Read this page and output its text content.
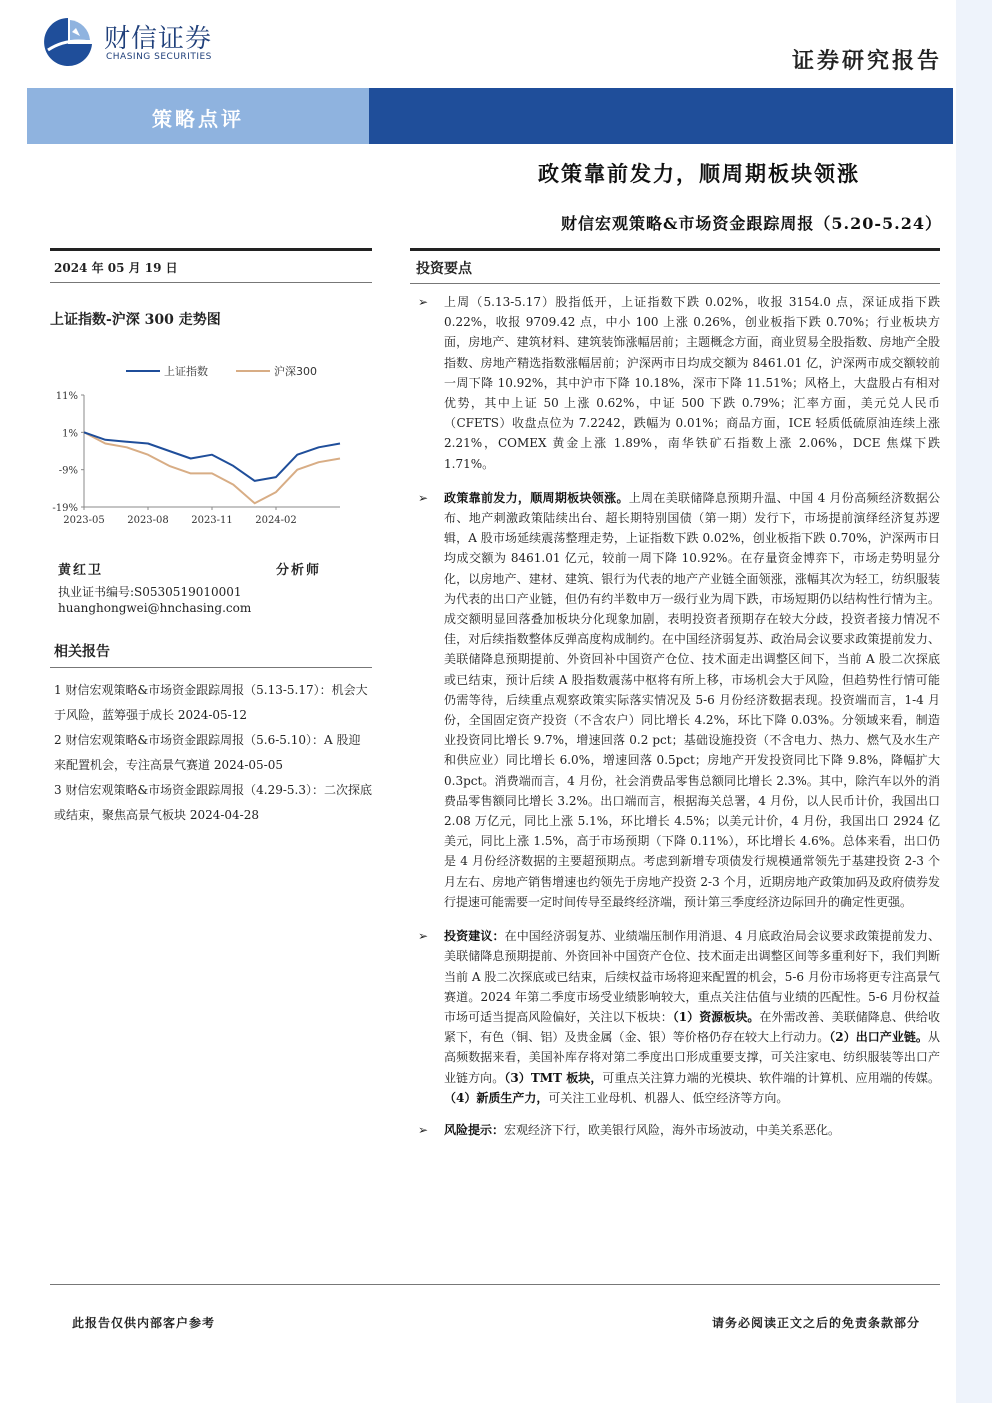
财信证券
CHASING SECURITIES	证券研究报告
策略点评
政策靠前发力，顺周期板块领涨
财信宏观策略&市场资金跟踪周报（5.20-5.24）
2024 年 05 月 19 日
上证指数-沪深 300 走势图
11%
1%
-9%
-19%
2023-05 2023-08 2023-11 2024-02
上证指数	沪深300
黄红卫	分析师
执业证书编号:S0530519010001
huanghongwei@hnchasing.com
相关报告
1 财信宏观策略&市场资金跟踪周报（5.13-5.17）：机会大于风险，蓝筹强于成长 2024-05-12
2 财信宏观策略&市场资金跟踪周报（5.6-5.10）：A 股迎来配置机会，专注高景气赛道 2024-05-05
3 财信宏观策略&市场资金跟踪周报（4.29-5.3）：二次探底或结束，聚焦高景气板块 2024-04-28
投资要点
➢ 上周（5.13-5.17）股指低开，上证指数下跌 0.02%，收报 3154.0 点，深证成指下跌 0.22%，收报 9709.42 点，中小 100 上涨 0.26%，创业板指下跌 0.70%；行业板块方面，房地产、建筑材料、建筑装饰涨幅居前；主题概念方面，商业贸易全股指数、房地产全股指数、房地产精选指数涨幅居前；沪深两市日均成交额为 8461.01 亿，沪深两市成交额较前一周下降 10.92%，其中沪市下降 10.18%，深市下降 11.51%；风格上，大盘股占有相对优势，其中上证 50 上涨 0.62%，中证 500 下跌 0.79%；汇率方面，美元兑人民币（CFETS）收盘点位为 7.2242，跌幅为 0.01%；商品方面，ICE 轻质低硫原油连续上涨 2.21%，COMEX 黄金上涨 1.89%，南华铁矿石指数上涨 2.06%，DCE 焦煤下跌 1.71%。
➢ 政策靠前发力，顺周期板块领涨。上周在美联储降息预期升温、中国 4 月份高频经济数据公布、地产刺激政策陆续出台、超长期特别国债（第一期）发行下，市场提前演绎经济复苏逻辑，A 股市场延续震荡整理走势，上证指数下跌 0.02%，创业板指下跌 0.70%，沪深两市日均成交额为 8461.01 亿元，较前一周下降 10.92%。在存量资金博弈下，市场走势明显分化，以房地产、建材、建筑、银行为代表的地产产业链全面领涨，涨幅其次为轻工，纺织服装为代表的出口产业链，但仍有约半数申万一级行业为周下跌，市场短期仍以结构性行情为主。成交额明显回落叠加板块分化现象加剧，表明投资者预期存在较大分歧，投资者接力情况不佳，对后续指数整体反弹高度构成制约。在中国经济弱复苏、政治局会议要求政策提前发力、美联储降息预期提前、外资回补中国资产仓位、技术面走出调整区间下，当前 A 股二次探底或已结束，预计后续 A 股指数震荡中枢将有所上移，市场机会大于风险，但趋势性行情可能仍需等待，后续重点观察政策实际落实情况及 5-6 月份经济数据表现。投资端而言，1-4 月份，全国固定资产投资（不含农户）同比增长 4.2%，环比下降 0.03%。分领域来看，制造业投资同比增长 9.7%，增速回落 0.2 pct；基础设施投资（不含电力、热力、燃气及水生产和供应业）同比增长 6.0%，增速回落 0.5pct；房地产开发投资同比下降 9.8%，降幅扩大 0.3pct。消费端而言，4 月份，社会消费品零售总额同比增长 2.3%。其中，除汽车以外的消费品零售额同比增长 3.2%。出口端而言，根据海关总署，4 月份，以人民币计价，我国出口 2.08 万亿元，同比上涨 5.1%，环比增长 4.5%；以美元计价，4 月份，我国出口 2924 亿美元，同比上涨 1.5%，高于市场预期（下降 0.11%），环比增长 4.6%。总体来看，出口仍是 4 月份经济数据的主要超预期点。考虑到新增专项债发行规模通常领先于基建投资 2-3 个月左右、房地产销售增速也约领先于房地产投资 2-3 个月，近期房地产政策加码及政府债券发行提速可能需要一定时间传导至最终经济端，预计第三季度经济边际回升的确定性更强。
➢ 投资建议：在中国经济弱复苏、业绩端压制作用消退、4 月底政治局会议要求政策提前发力、美联储降息预期提前、外资回补中国资产仓位、技术面走出调整区间等多重利好下，我们判断当前 A 股二次探底或已结束，后续权益市场将迎来配置的机会，5-6 月份市场将更专注高景气赛道。2024 年第二季度市场受业绩影响较大，重点关注估值与业绩的匹配性。5-6 月份权益市场可适当提高风险偏好，关注以下板块：（1）资源板块。在外需改善、美联储降息、供给收紧下，有色（铜、铝）及贵金属（金、银）等价格仍存在较大上行动力。（2）出口产业链。从高频数据来看，美国补库存将对第二季度出口形成重要支撑，可关注家电、纺织服装等出口产业链方向。（3）TMT 板块，可重点关注算力端的光模块、软件端的计算机、应用端的传媒。（4）新质生产力，可关注工业母机、机器人、低空经济等方向。
➢ 风险提示：宏观经济下行，欧美银行风险，海外市场波动，中美关系恶化。
此报告仅供内部客户参考	请务必阅读正文之后的免责条款部分
